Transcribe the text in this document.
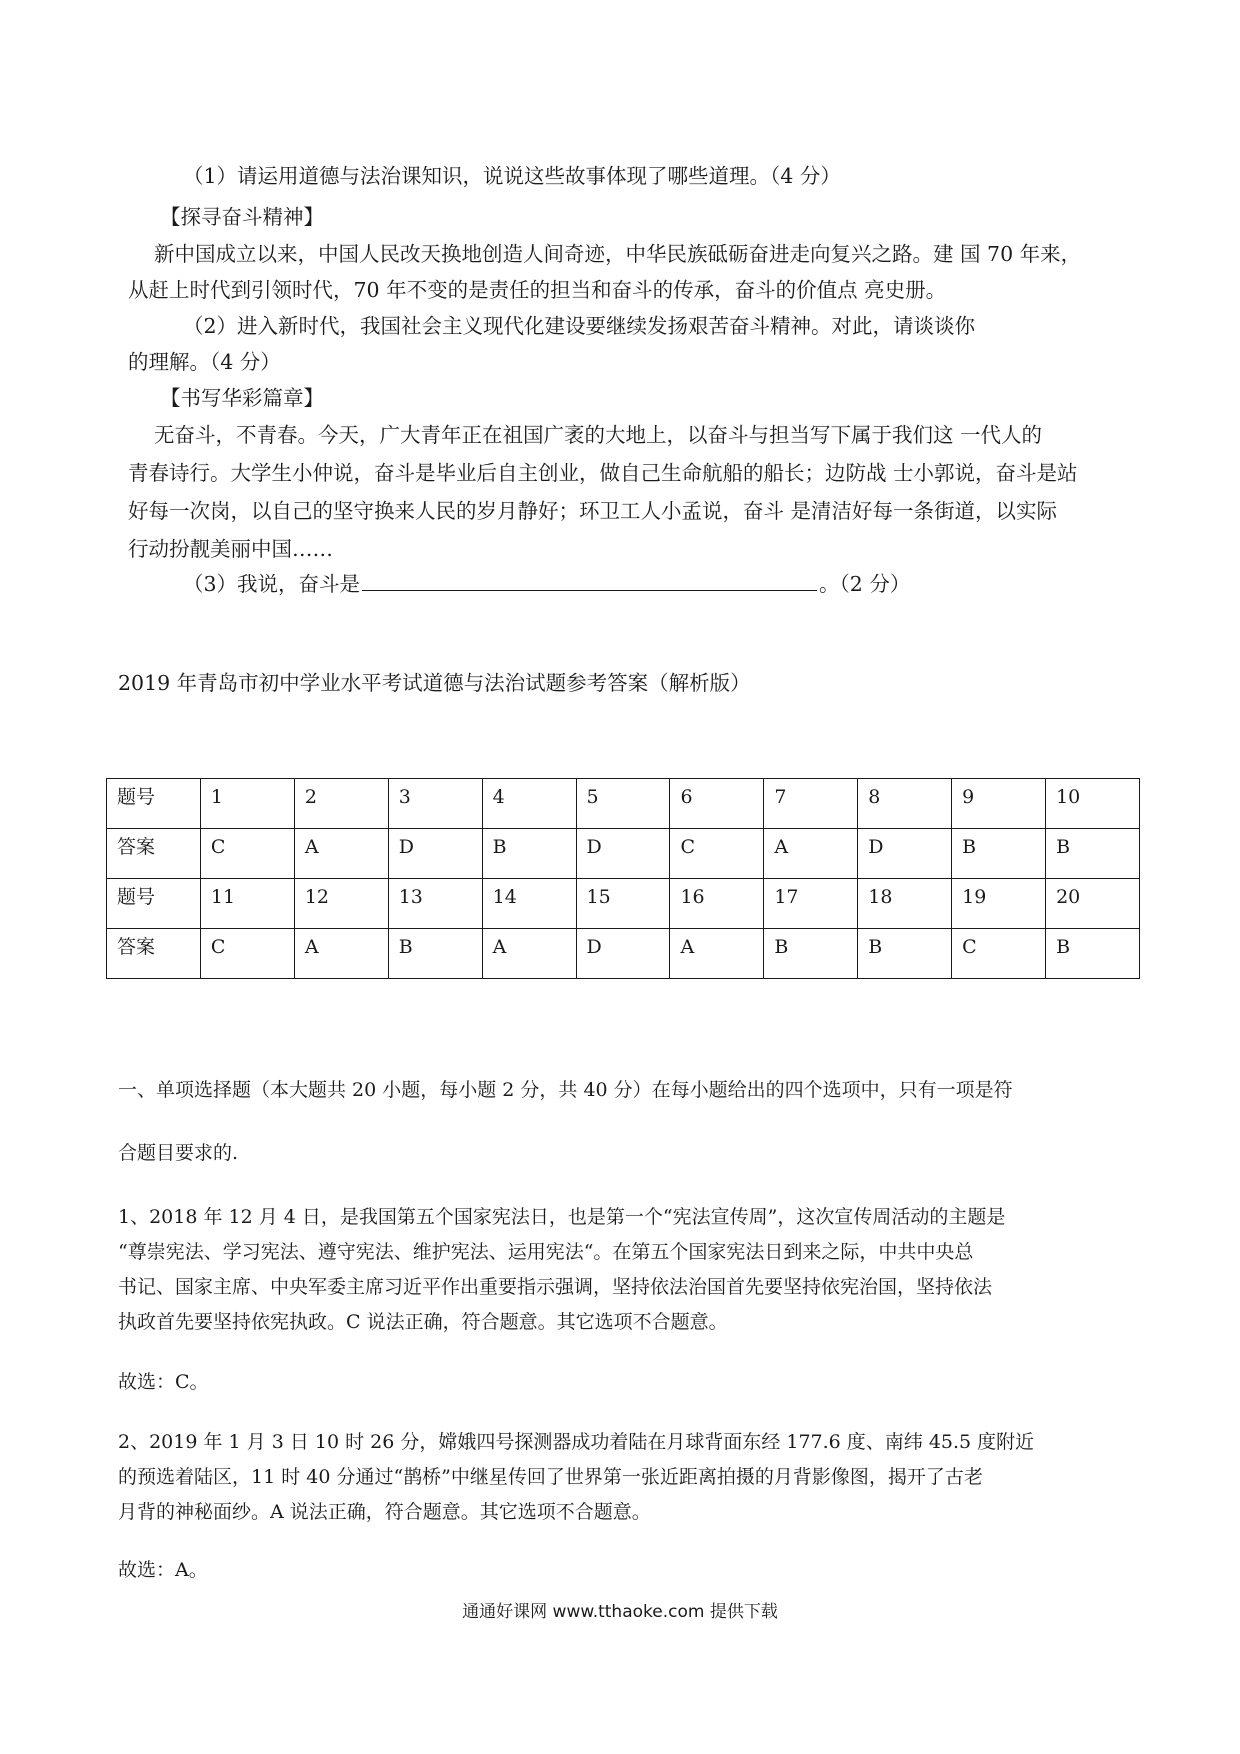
（1）请运用道德与法治课知识，说说这些故事体现了哪些道理。（4 分）
【探寻奋斗精神】
新中国成立以来，中国人民改天换地创造人间奇迹，中华民族砥砺奋进走向复兴之路。建 国 70 年来，
从赶上时代到引领时代，70 年不变的是责任的担当和奋斗的传承，奋斗的价值点 亮史册。
（2）进入新时代，我国社会主义现代化建设要继续发扬艰苦奋斗精神。对此，请谈谈你
的理解。（4 分）
【书写华彩篇章】
无奋斗，不青春。今天，广大青年正在祖国广袤的大地上，以奋斗与担当写下属于我们这 一代人的
青春诗行。大学生小仲说，奋斗是毕业后自主创业，做自己生命航船的船长；边防战 士小郭说，奋斗是站
好每一次岗，以自己的坚守换来人民的岁月静好；环卫工人小孟说，奋斗 是清洁好每一条街道，以实际
行动扮靓美丽中国……
（3）我说，奋斗是	。（2 分）
2019 年青岛市初中学业水平考试道德与法治试题参考答案（解析版）
题号	1	2	3	4	5	6	7	8	9	10
答案	C	A	D	B	D	C	A	D	B	B
题号	11	12	13	14	15	16	17	18	19	20
答案	C	A	B	A	D	A	B	B	C	B
一、单项选择题（本大题共 20 小题，每小题 2 分，共 40 分）在每小题给出的四个选项中，只有一项是符
合题目要求的.
1、2018 年 12 月 4 日，是我国第五个国家宪法日，也是第一个“宪法宣传周”，这次宣传周活动的主题是
“尊崇宪法、学习宪法、遵守宪法、维护宪法、运用宪法“。在第五个国家宪法日到来之际，中共中央总
书记、国家主席、中央军委主席习近平作出重要指示强调，坚持依法治国首先要坚持依宪治国，坚持依法
执政首先要坚持依宪执政。C 说法正确，符合题意。其它选项不合题意。
故选：C。
2、2019 年 1 月 3 日 10 时 26 分，嫦娥四号探测器成功着陆在月球背面东经 177.6 度、南纬 45.5 度附近
的预选着陆区，11 时 40 分通过“鹊桥”中继星传回了世界第一张近距离拍摄的月背影像图，揭开了古老
月背的神秘面纱。A 说法正确，符合题意。其它选项不合题意。
故选：A。
通通好课网 www.tthaoke.com 提供下载
